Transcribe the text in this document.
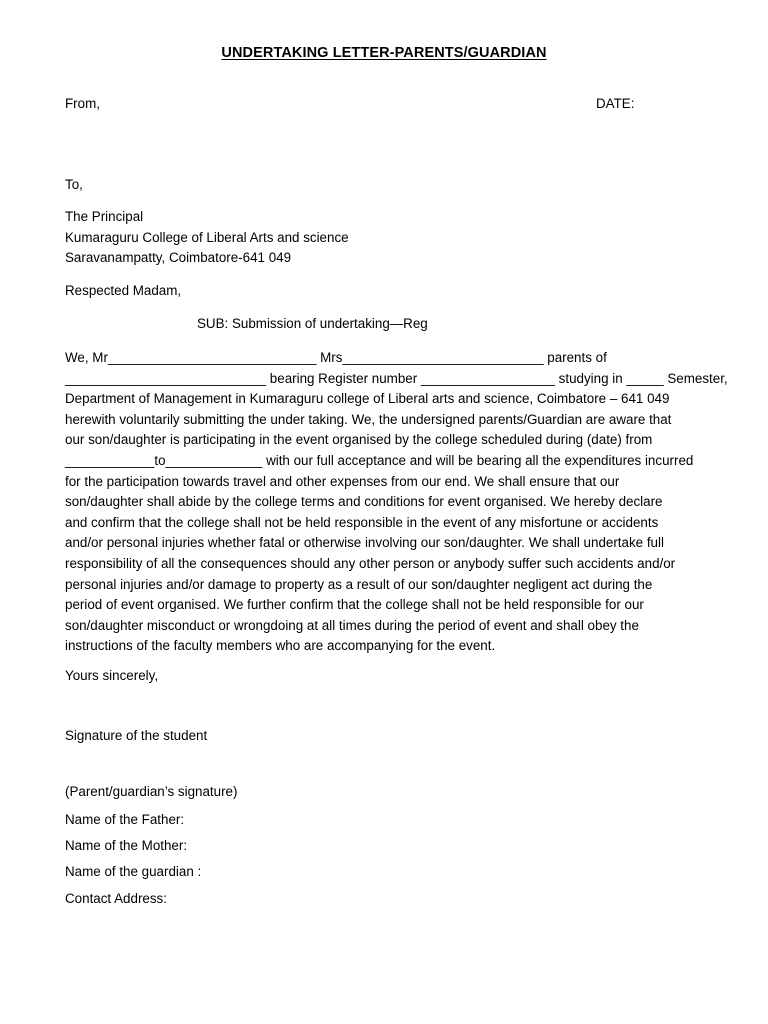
UNDERTAKING LETTER-PARENTS/GUARDIAN
From,	DATE:
To,
The Principal
Kumaraguru College of Liberal Arts and science
Saravanampatty, Coimbatore-641 049
Respected Madam,
SUB: Submission of undertaking—Reg
We, Mr____________________________ Mrs___________________________ parents of
___________________________ bearing Register number __________________ studying in _____ Semester,
Department of Management in Kumaraguru college of Liberal arts and science, Coimbatore – 641 049
herewith voluntarily submitting the under taking. We, the undersigned parents/Guardian are aware that
our son/daughter is participating in the event organised by the college scheduled during (date) from
____________to_____________ with our full acceptance and will be bearing all the expenditures incurred
for the participation towards travel and other expenses from our end. We shall ensure that our
son/daughter shall abide by the college terms and conditions for event organised. We hereby declare
and confirm that the college shall not be held responsible in the event of any misfortune or accidents
and/or personal injuries whether fatal or otherwise involving our son/daughter. We shall undertake full
responsibility of all the consequences should any other person or anybody suffer such accidents and/or
personal injuries and/or damage to property as a result of our son/daughter negligent act during the
period of event organised. We further confirm that the college shall not be held responsible for our
son/daughter misconduct or wrongdoing at all times during the period of event and shall obey the
instructions of the faculty members who are accompanying for the event.
Yours sincerely,
Signature of the student
(Parent/guardian’s signature)
Name of the Father:
Name of the Mother:
Name of the guardian :
Contact Address:
